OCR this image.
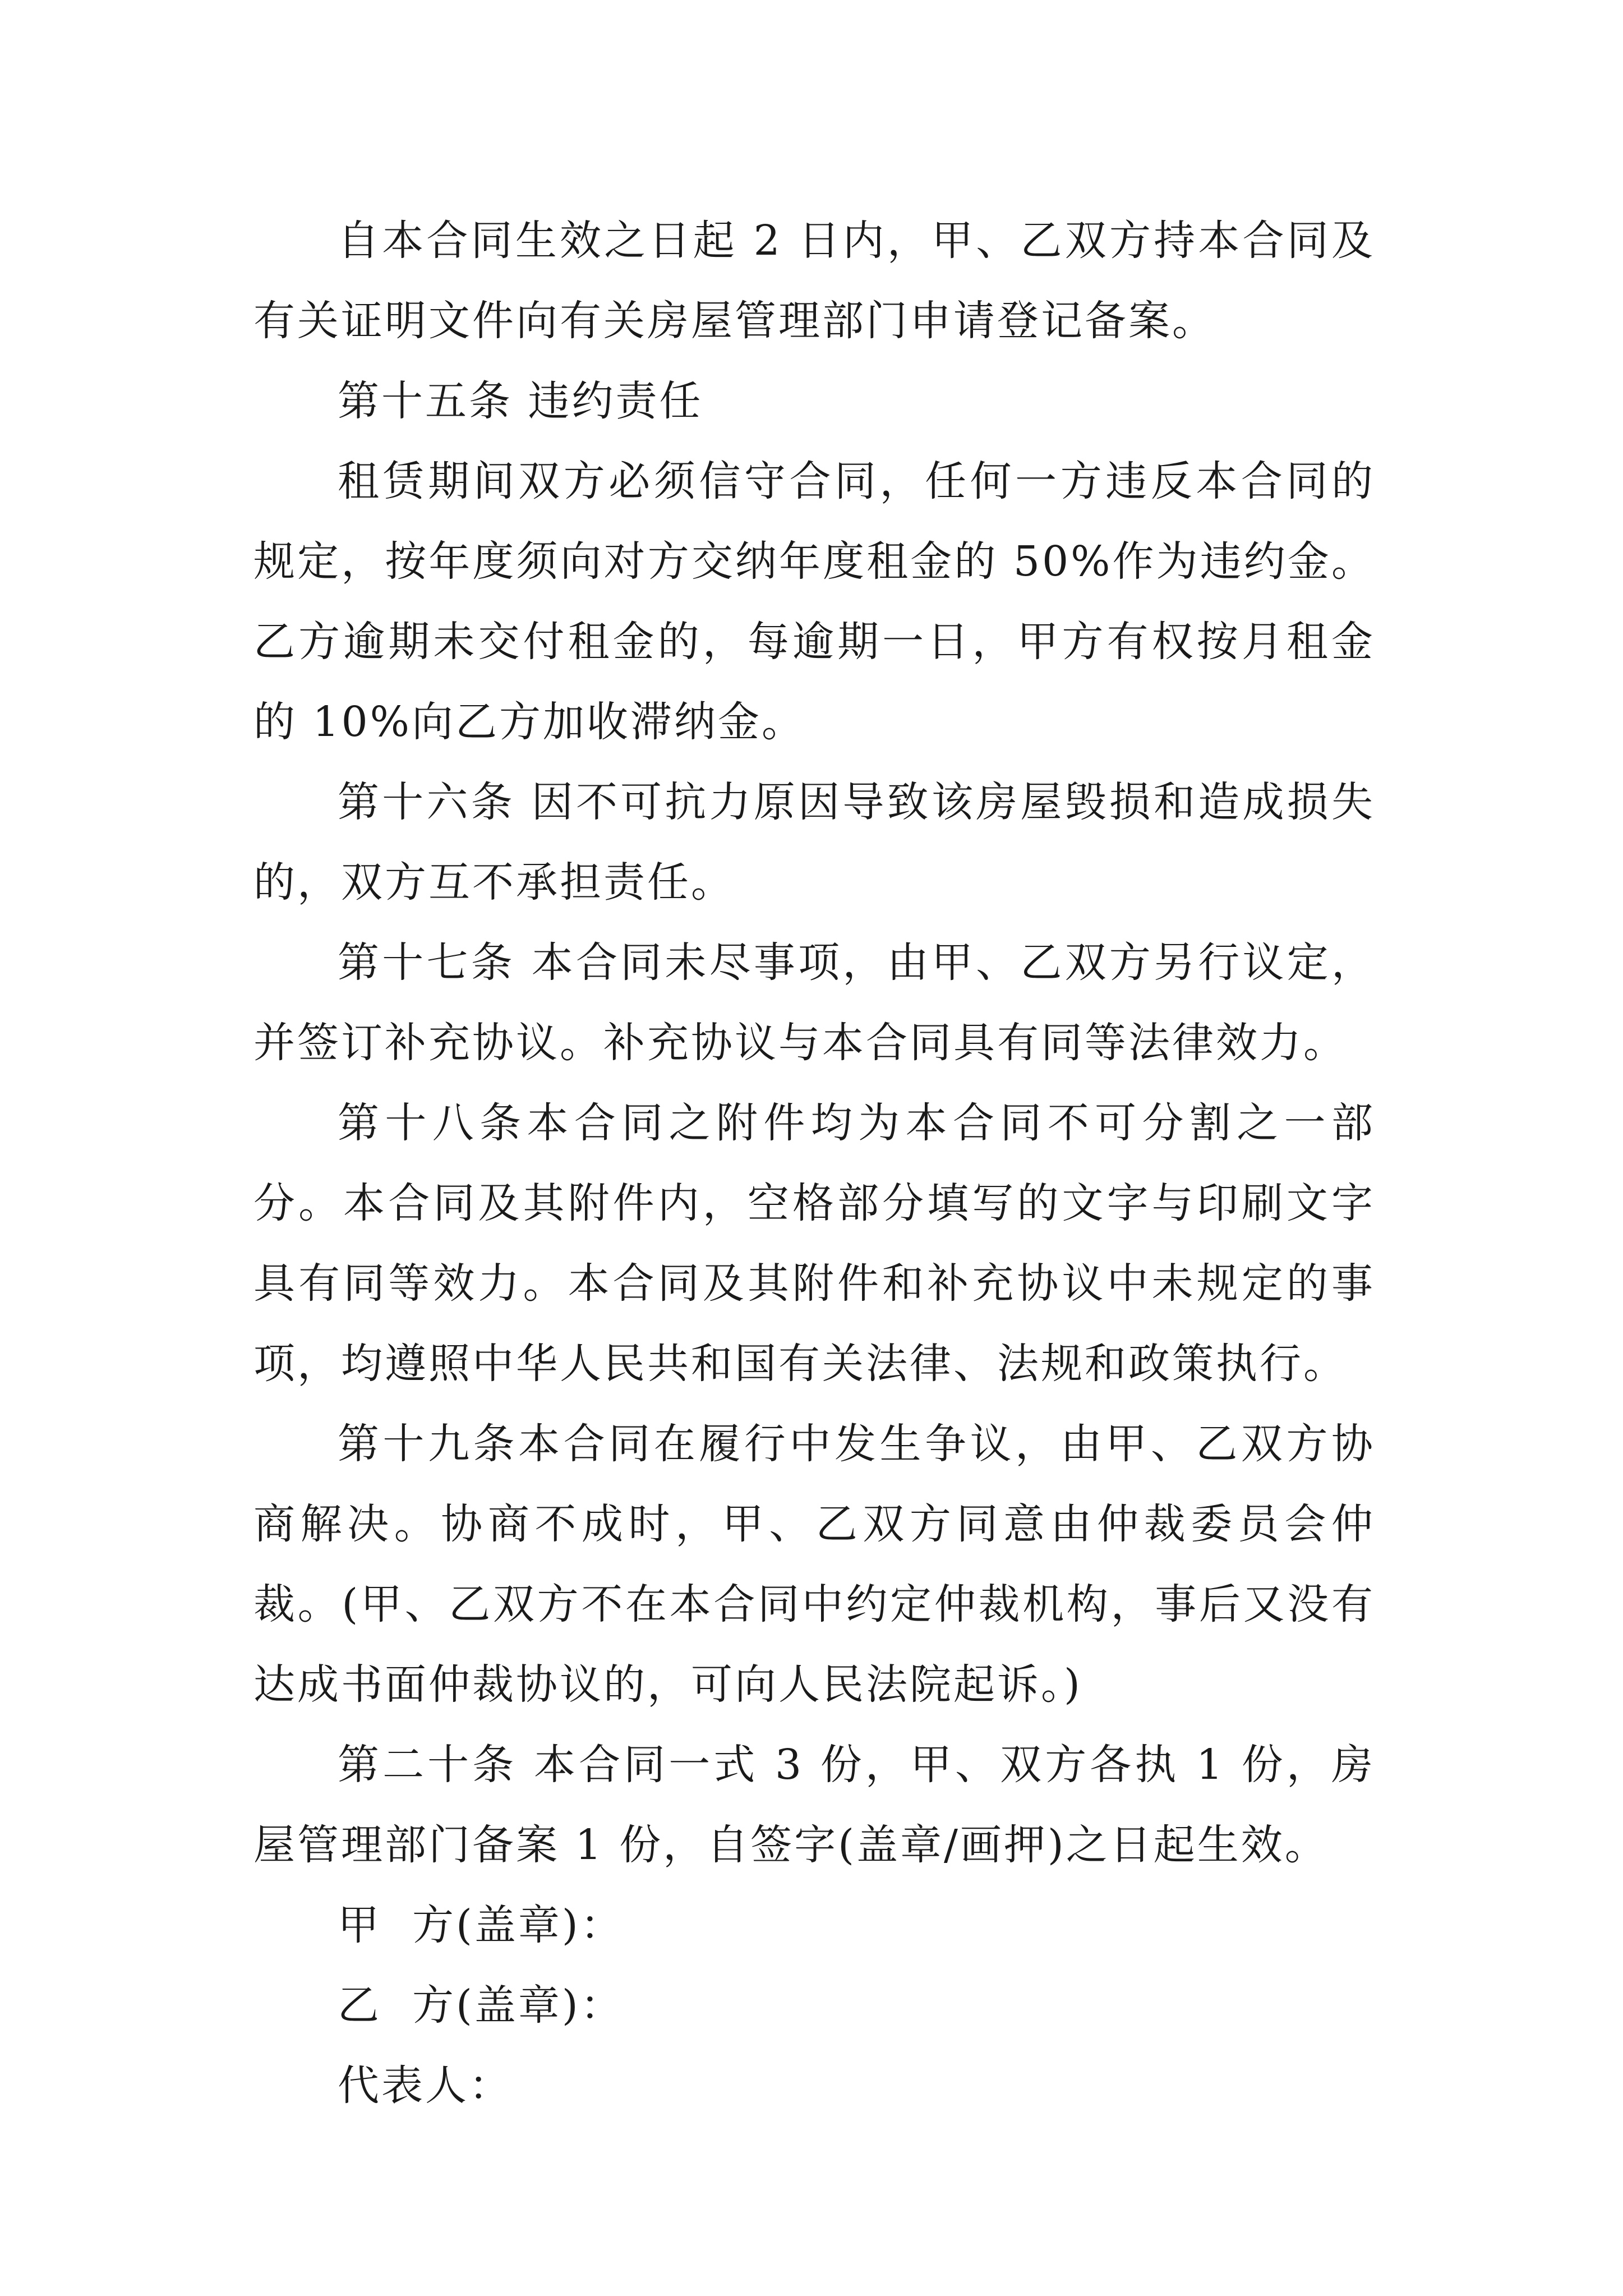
自本合同生效之日起 2 日内，甲、乙双方持本合同及有关证明文件向有关房屋管理部门申请登记备案。

第十五条 违约责任

租赁期间双方必须信守合同，任何一方违反本合同的规定，按年度须向对方交纳年度租金的 50%作为违约金。乙方逾期未交付租金的，每逾期一日，甲方有权按月租金的 10%向乙方加收滞纳金。

第十六条 因不可抗力原因导致该房屋毁损和造成损失的，双方互不承担责任。

第十七条 本合同未尽事项，由甲、乙双方另行议定，并签订补充协议。补充协议与本合同具有同等法律效力。

第十八条本合同之附件均为本合同不可分割之一部分。本合同及其附件内，空格部分填写的文字与印刷文字具有同等效力。本合同及其附件和补充协议中未规定的事项，均遵照中华人民共和国有关法律、法规和政策执行。

第十九条本合同在履行中发生争议，由甲、乙双方协商解决。协商不成时，甲、乙双方同意由仲裁委员会仲裁。(甲、乙双方不在本合同中约定仲裁机构，事后又没有达成书面仲裁协议的，可向人民法院起诉。)

第二十条 本合同一式 3 份，甲、双方各执 1 份，房屋管理部门备案 1 份，自签字(盖章/画押)之日起生效。

甲  方(盖章)：

乙  方(盖章)：

代表人：
